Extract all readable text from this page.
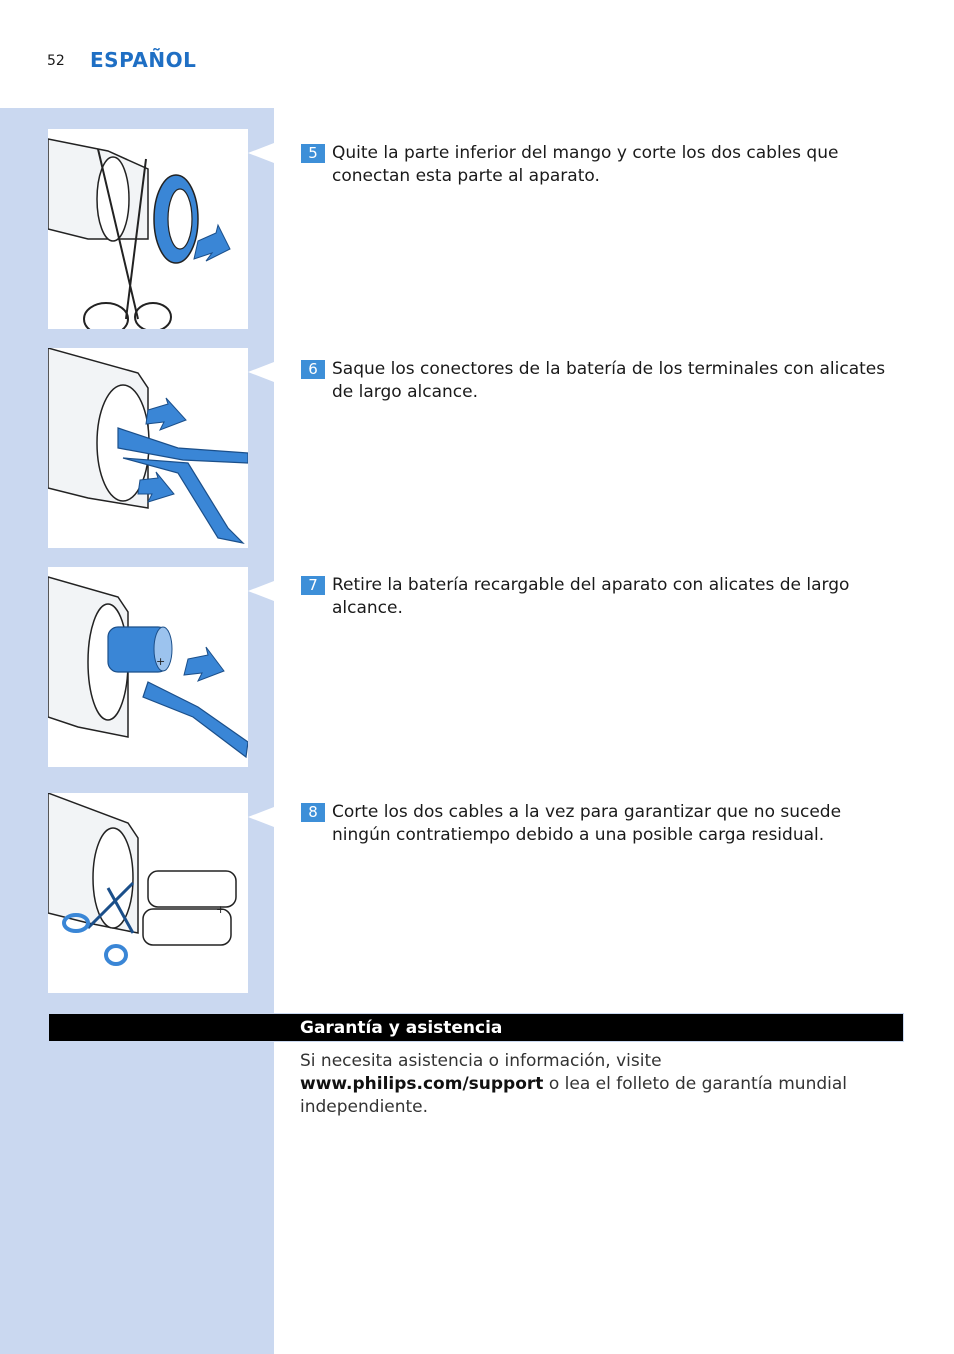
52 ESPAÑOL
+
+
5 Quite la parte inferior del mango y corte los dos cables que conectan esta parte al aparato.
6 Saque los conectores de la batería de los terminales con alicates de largo alcance.
7 Retire la batería recargable del aparato con alicates de largo alcance.
8 Corte los dos cables a la vez para garantizar que no sucede ningún contratiempo debido a una posible carga residual.
Garantía y asistencia
Si necesita asistencia o información, visite www.philips.com/support o lea el folleto de garantía mundial independiente.
